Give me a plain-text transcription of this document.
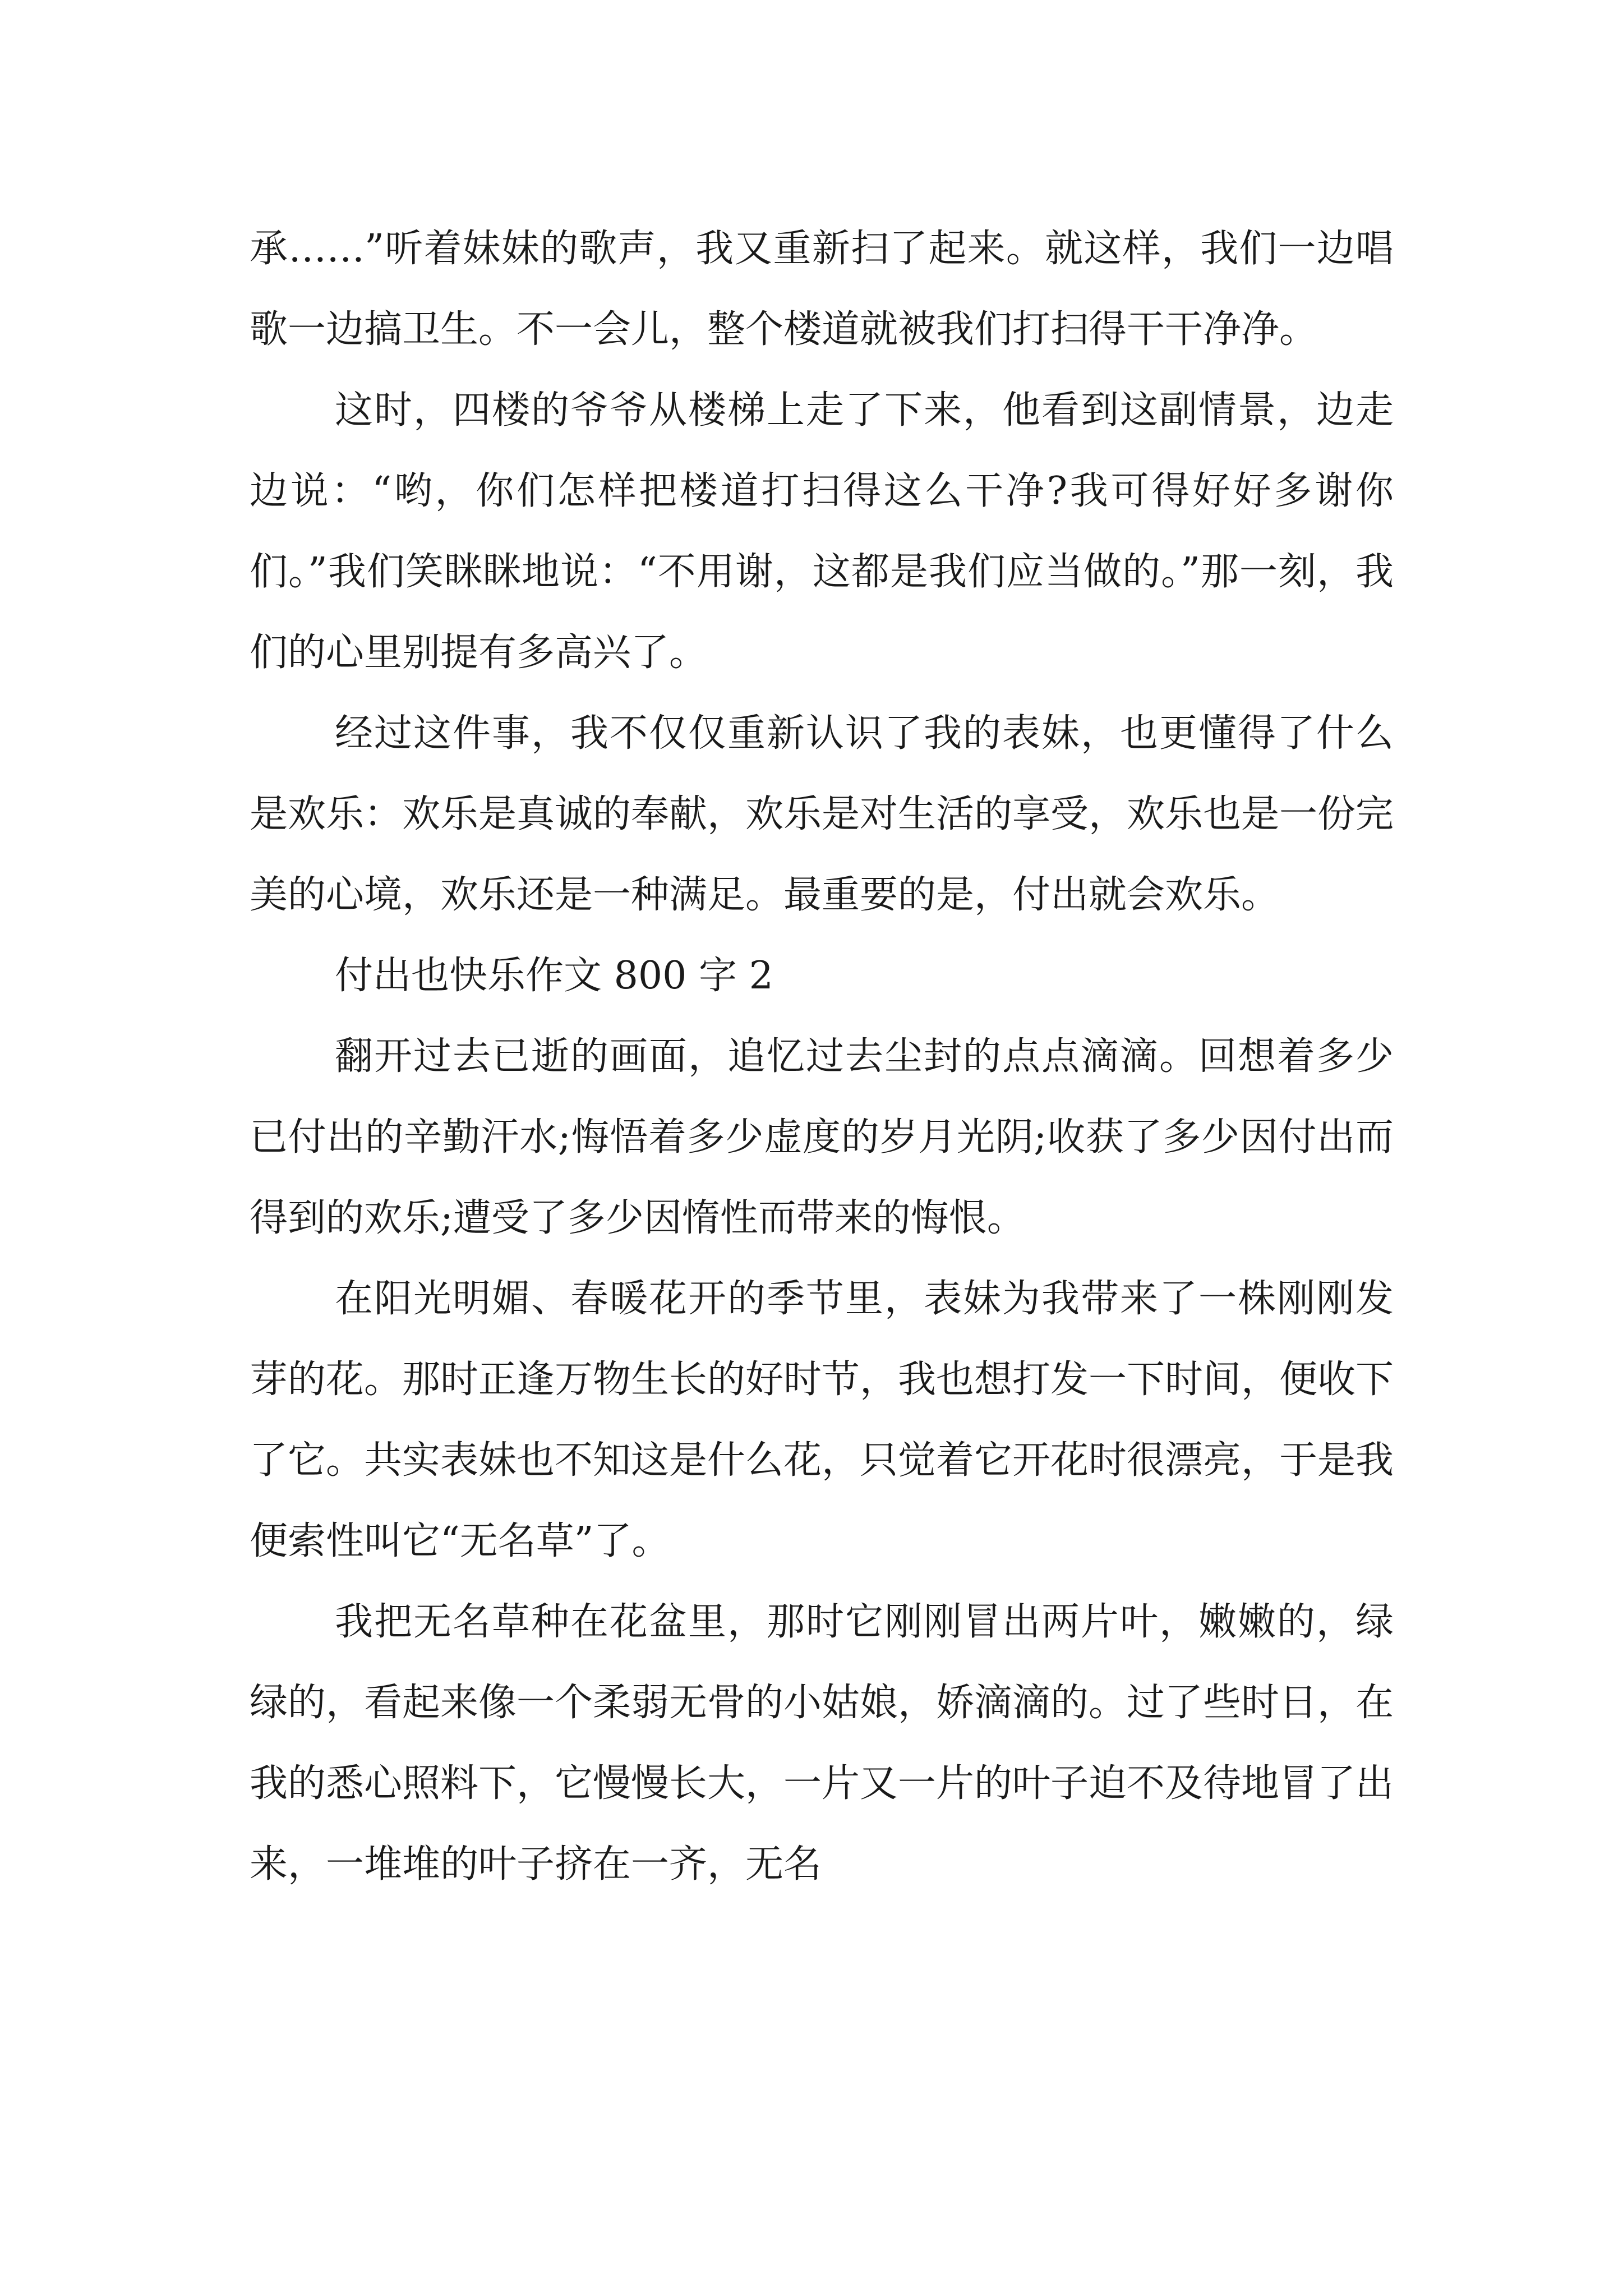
承……”听着妹妹的歌声，我又重新扫了起来。就这样，我们一边唱歌一边搞卫生。不一会儿，整个楼道就被我们打扫得干干净净。

这时，四楼的爷爷从楼梯上走了下来，他看到这副情景，边走边说：“哟，你们怎样把楼道打扫得这么干净?我可得好好多谢你们。”我们笑眯眯地说：“不用谢，这都是我们应当做的。”那一刻，我们的心里别提有多高兴了。

经过这件事，我不仅仅重新认识了我的表妹，也更懂得了什么是欢乐：欢乐是真诚的奉献，欢乐是对生活的享受，欢乐也是一份完美的心境，欢乐还是一种满足。最重要的是，付出就会欢乐。

付出也快乐作文 800 字 2

翻开过去已逝的画面，追忆过去尘封的点点滴滴。回想着多少已付出的辛勤汗水;悔悟着多少虚度的岁月光阴;收获了多少因付出而得到的欢乐;遭受了多少因惰性而带来的悔恨。

在阳光明媚、春暖花开的季节里，表妹为我带来了一株刚刚发芽的花。那时正逢万物生长的好时节，我也想打发一下时间，便收下了它。共实表妹也不知这是什么花，只觉着它开花时很漂亮，于是我便索性叫它“无名草”了。

我把无名草种在花盆里，那时它刚刚冒出两片叶，嫩嫩的，绿绿的，看起来像一个柔弱无骨的小姑娘，娇滴滴的。过了些时日，在我的悉心照料下，它慢慢长大，一片又一片的叶子迫不及待地冒了出来，一堆堆的叶子挤在一齐，无名
